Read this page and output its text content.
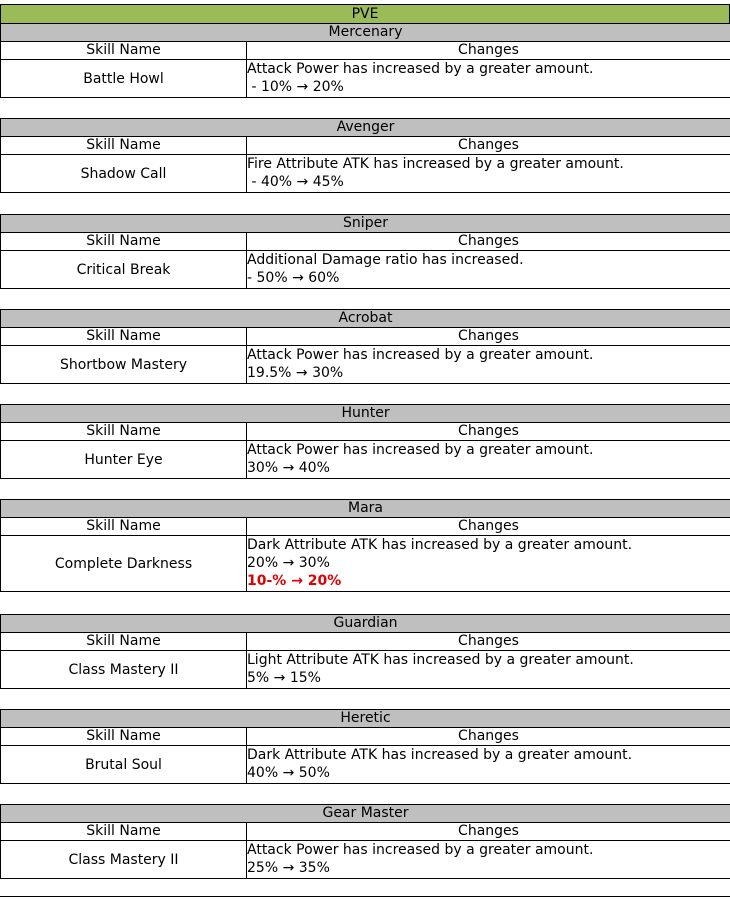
PVE
Mercenary	
Skill Name	Changes
Battle Howl	Attack Power has increased by a greater amount.
- 10% → 20%
Avenger	
Skill Name	Changes
Shadow Call	Fire Attribute ATK has increased by a greater amount.
- 40% → 45%
Sniper	
Skill Name	Changes
Critical Break	Additional Damage ratio has increased.
- 50% → 60%
Acrobat	
Skill Name	Changes
Shortbow Mastery	Attack Power has increased by a greater amount.
19.5% → 30%
Hunter	
Skill Name	Changes
Hunter Eye	Attack Power has increased by a greater amount.
30% → 40%
Mara	
Skill Name	Changes
Complete Darkness	Dark Attribute ATK has increased by a greater amount.
20% → 30%
10-% → 20%
Guardian	
Skill Name	Changes
Class Mastery II	Light Attribute ATK has increased by a greater amount.
5% → 15%
Heretic	
Skill Name	Changes
Brutal Soul	Dark Attribute ATK has increased by a greater amount.
40% → 50%
Gear Master	
Skill Name	Changes
Class Mastery II	Attack Power has increased by a greater amount.
25% → 35%
